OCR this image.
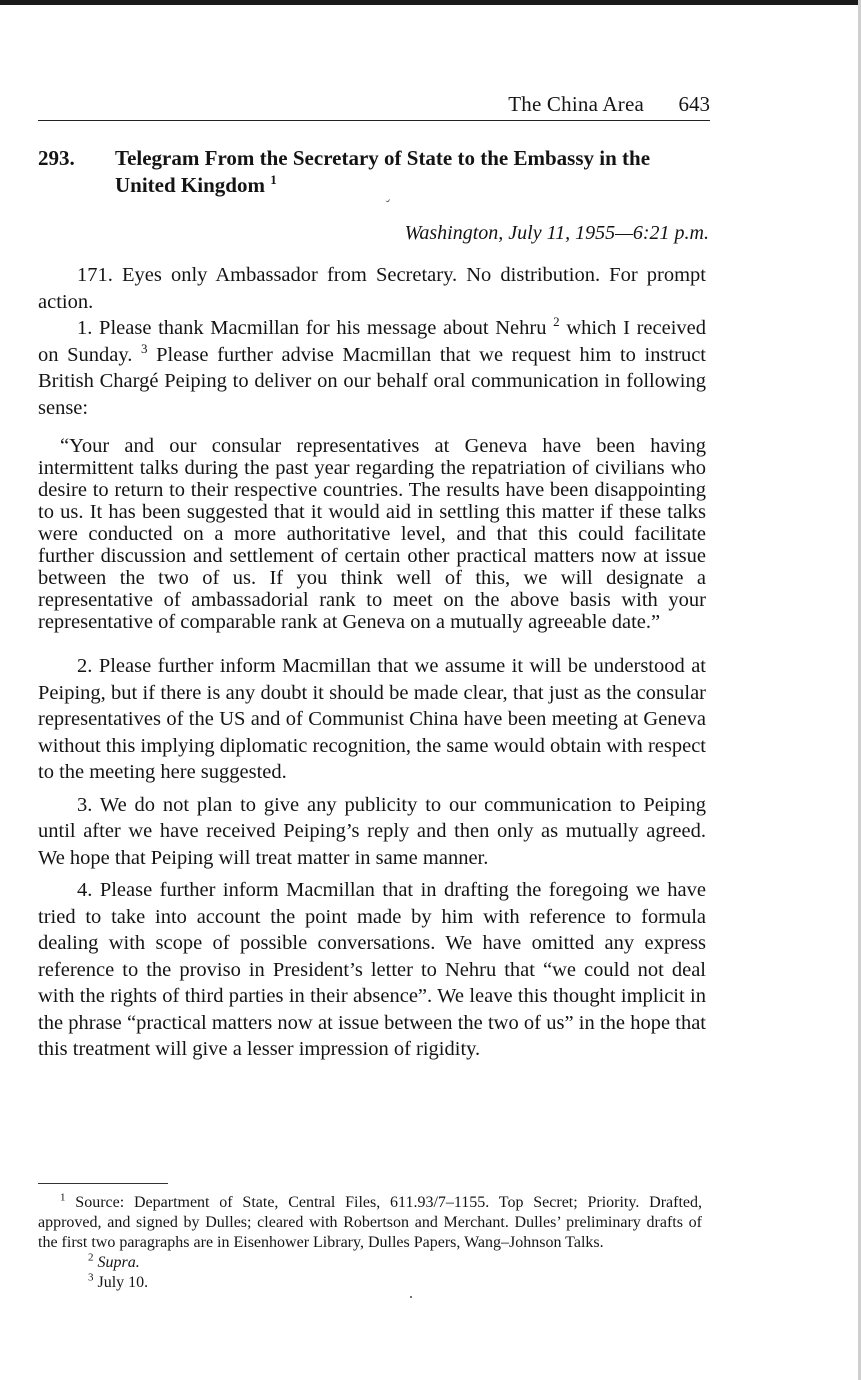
The China Area 643
293. Telegram From the Secretary of State to the Embassy in the United Kingdom $^1$
ˇ
Washington, July 11, 1955—6:21 p.m.

171. Eyes only Ambassador from Secretary. No distribution. For prompt action.

1. Please thank Macmillan for his message about Nehru $^2$ which I received on Sunday. $^3$ Please further advise Macmillan that we request him to instruct British Chargé Peiping to deliver on our behalf oral communication in following sense:

“Your and our consular representatives at Geneva have been having intermittent talks during the past year regarding the repatriation of civilians who desire to return to their respective countries. The results have been disappointing to us. It has been suggested that it would aid in settling this matter if these talks were conducted on a more authoritative level, and that this could facilitate further discussion and settlement of certain other practical matters now at issue between the two of us. If you think well of this, we will designate a representative of ambassadorial rank to meet on the above basis with your representative of comparable rank at Geneva on a mutually agreeable date.”

2. Please further inform Macmillan that we assume it will be understood at Peiping, but if there is any doubt it should be made clear, that just as the consular representatives of the US and of Communist China have been meeting at Geneva without this implying diplomatic recognition, the same would obtain with respect to the meeting here suggested.

3. We do not plan to give any publicity to our communication to Peiping until after we have received Peiping’s reply and then only as mutually agreed. We hope that Peiping will treat matter in same manner.

4. Please further inform Macmillan that in drafting the foregoing we have tried to take into account the point made by him with reference to formula dealing with scope of possible conversations. We have omitted any express reference to the proviso in President’s letter to Nehru that “we could not deal with the rights of third parties in their absence”. We leave this thought implicit in the phrase “practical matters now at issue between the two of us” in the hope that this treatment will give a lesser impression of rigidity.

$^1$ Source: Department of State, Central Files, 611.93/7–1155. Top Secret; Priority. Drafted, approved, and signed by Dulles; cleared with Robertson and Merchant. Dulles’ preliminary drafts of the first two paragraphs are in Eisenhower Library, Dulles Papers, Wang–Johnson Talks.

$^2$ Supra.

$^3$ July 10.
